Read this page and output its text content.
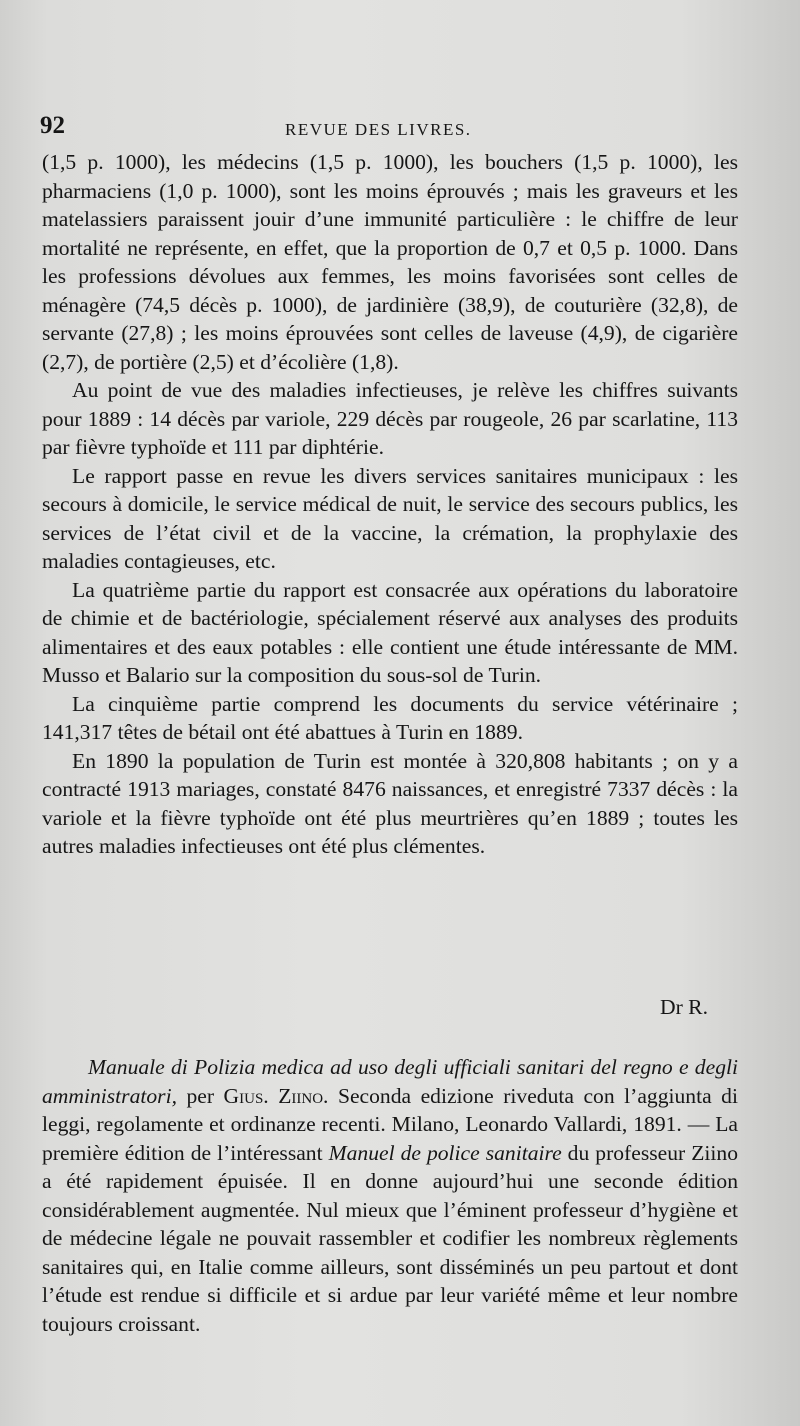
92	REVUE DES LIVRES.

(1,5 p. 1000), les médecins (1,5 p. 1000), les bouchers (1,5 p. 1000), les pharmaciens (1,0 p. 1000), sont les moins éprouvés ; mais les graveurs et les matelassiers paraissent jouir d’une immunité particulière : le chiffre de leur mortalité ne représente, en effet, que la proportion de 0,7 et 0,5 p. 1000. Dans les professions dévolues aux femmes, les moins favorisées sont celles de ménagère (74,5 décès p. 1000), de jardinière (38,9), de couturière (32,8), de servante (27,8) ; les moins éprouvées sont celles de laveuse (4,9), de cigarière (2,7), de portière (2,5) et d’écolière (1,8).

Au point de vue des maladies infectieuses, je relève les chiffres suivants pour 1889 : 14 décès par variole, 229 décès par rougeole, 26 par scarlatine, 113 par fièvre typhoïde et 111 par diphtérie.

Le rapport passe en revue les divers services sanitaires municipaux : les secours à domicile, le service médical de nuit, le service des secours publics, les services de l’état civil et de la vaccine, la crémation, la prophylaxie des maladies contagieuses, etc.

La quatrième partie du rapport est consacrée aux opérations du laboratoire de chimie et de bactériologie, spécialement réservé aux analyses des produits alimentaires et des eaux potables : elle contient une étude intéressante de MM. Musso et Balario sur la composition du sous-sol de Turin.

La cinquième partie comprend les documents du service vétérinaire ; 141,317 têtes de bétail ont été abattues à Turin en 1889.

En 1890 la population de Turin est montée à 320,808 habitants ; on y a contracté 1913 mariages, constaté 8476 naissances, et enregistré 7337 décès : la variole et la fièvre typhoïde ont été plus meurtrières qu’en 1889 ; toutes les autres maladies infectieuses ont été plus clémentes.

Dr R.
Manuale di Polizia medica ad uso degli ufficiali sanitari del regno e degli amministratori, per Gius. Ziino. Seconda edizione riveduta con l’aggiunta di leggi, regolamente et ordinanze recenti. Milano, Leonardo Vallardi, 1891. — La première édition de l’intéressant Manuel de police sanitaire du professeur Ziino a été rapidement épuisée. Il en donne aujourd’hui une seconde édition considérablement augmentée. Nul mieux que l’éminent professeur d’hygiène et de médecine légale ne pouvait rassembler et codifier les nombreux règlements sanitaires qui, en Italie comme ailleurs, sont disséminés un peu partout et dont l’étude est rendue si difficile et si ardue par leur variété même et leur nombre toujours croissant.
